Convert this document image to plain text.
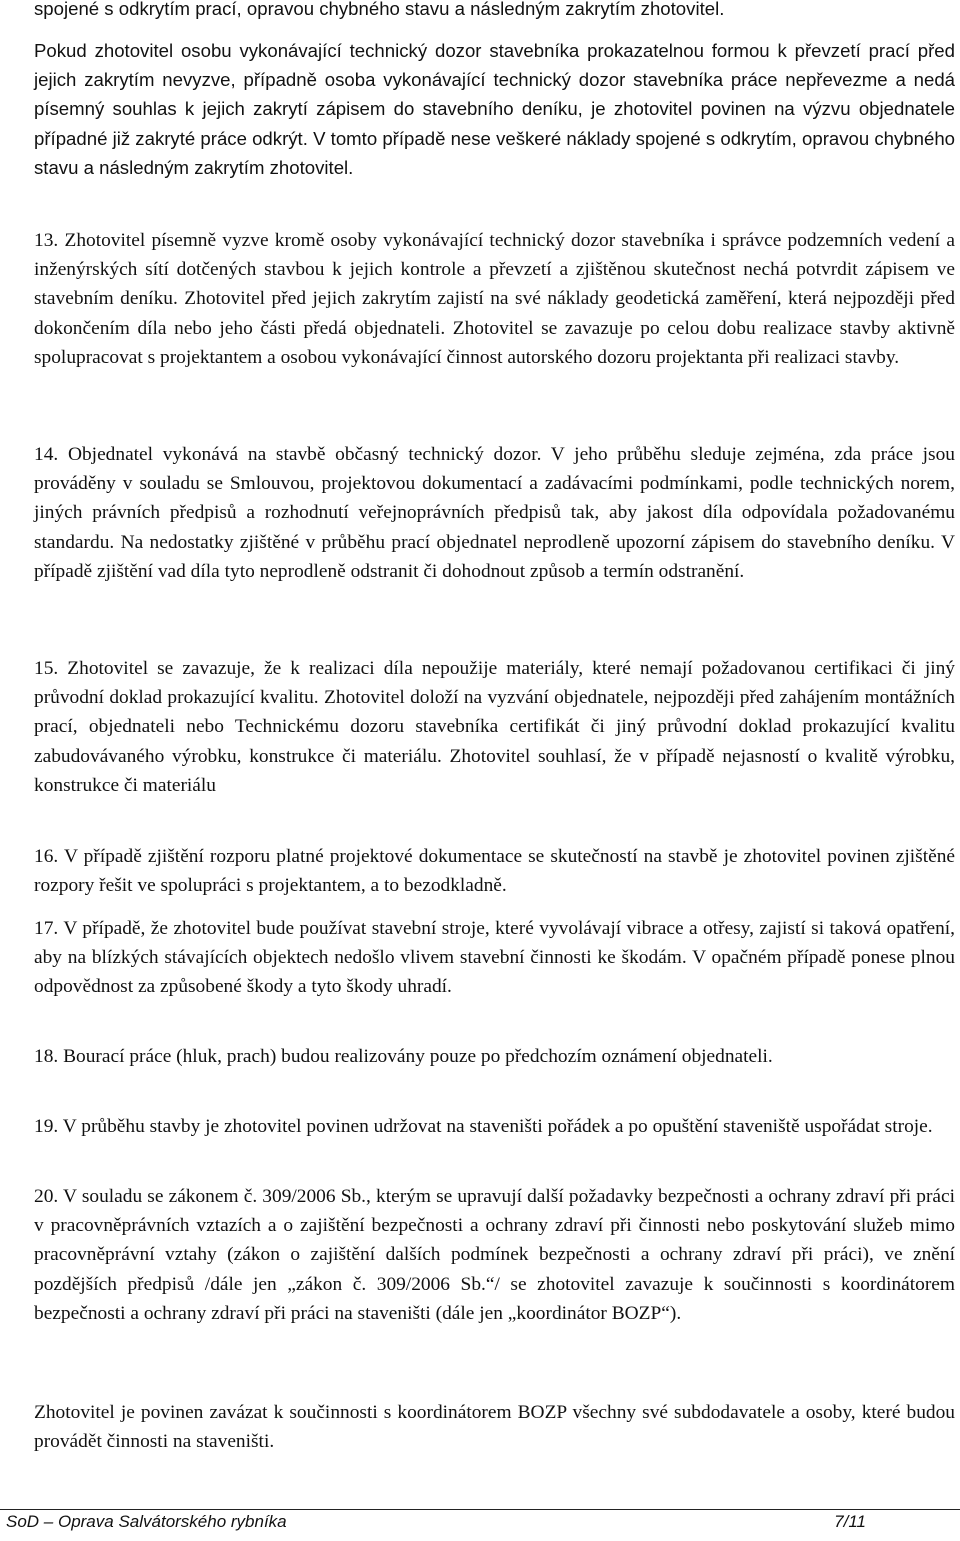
spojené s odkrytím prací, opravou chybného stavu a následným zakrytím zhotovitel.

Pokud zhotovitel osobu vykonávající technický dozor stavebníka prokazatelnou formou k převzetí prací před jejich zakrytím nevyzve, případně osoba vykonávající technický dozor stavebníka práce nepřevezme a nedá písemný souhlas k jejich zakrytí zápisem do stavebního deníku, je zhotovitel povinen na výzvu objednatele případné již zakryté práce odkrýt. V tomto případě nese veškeré náklady spojené s odkrytím, opravou chybného stavu a následným zakrytím zhotovitel.

13. Zhotovitel písemně vyzve kromě osoby vykonávající technický dozor stavebníka i správce podzemních vedení a inženýrských sítí dotčených stavbou k jejich kontrole a převzetí a zjištěnou skutečnost nechá potvrdit zápisem ve stavebním deníku. Zhotovitel před jejich zakrytím zajistí na své náklady geodetická zaměření, která nejpozději před dokončením díla nebo jeho části předá objednateli. Zhotovitel se zavazuje po celou dobu realizace stavby aktivně spolupracovat s projektantem a osobou vykonávající činnost autorského dozoru projektanta při realizaci stavby.

14. Objednatel vykonává na stavbě občasný technický dozor. V jeho průběhu sleduje zejména, zda práce jsou prováděny v souladu se Smlouvou, projektovou dokumentací a zadávacími podmínkami, podle technických norem, jiných právních předpisů a rozhodnutí veřejnoprávních předpisů tak, aby jakost díla odpovídala požadovanému standardu. Na nedostatky zjištěné v průběhu prací objednatel neprodleně upozorní zápisem do stavebního deníku. V případě zjištění vad díla tyto neprodleně odstranit či dohodnout způsob a termín odstranění.

15. Zhotovitel se zavazuje, že k realizaci díla nepoužije materiály, které nemají požadovanou certifikaci či jiný průvodní doklad prokazující kvalitu. Zhotovitel doloží na vyzvání objednatele, nejpozději před zahájením montážních prací, objednateli nebo Technickému dozoru stavebníka certifikát či jiný průvodní doklad prokazující kvalitu zabudovávaného výrobku, konstrukce či materiálu. Zhotovitel souhlasí, že v případě nejasností o kvalitě výrobku, konstrukce či materiálu

16. V případě zjištění rozporu platné projektové dokumentace se skutečností na stavbě je zhotovitel povinen zjištěné rozpory řešit ve spolupráci s projektantem, a to bezodkladně.

17. V případě, že zhotovitel bude používat stavební stroje, které vyvolávají vibrace a otřesy, zajistí si taková opatření, aby na blízkých stávajících objektech nedošlo vlivem stavební činnosti ke škodám. V opačném případě ponese plnou odpovědnost za způsobené škody a tyto škody uhradí.

18. Bourací práce (hluk, prach) budou realizovány pouze po předchozím oznámení objednateli.

19. V průběhu stavby je zhotovitel povinen udržovat na staveništi pořádek a po opuštění staveniště uspořádat stroje.

20. V souladu se zákonem č. 309/2006 Sb., kterým se upravují další požadavky bezpečnosti a ochrany zdraví při práci v pracovněprávních vztazích a o zajištění bezpečnosti a ochrany zdraví při činnosti nebo poskytování služeb mimo pracovněprávní vztahy (zákon o zajištění dalších podmínek bezpečnosti a ochrany zdraví při práci), ve znění pozdějších předpisů /dále jen „zákon č. 309/2006 Sb.“/ se zhotovitel zavazuje k součinnosti s koordinátorem bezpečnosti a ochrany zdraví při práci na staveništi (dále jen „koordinátor BOZP“).

Zhotovitel je povinen zavázat k součinnosti s koordinátorem BOZP všechny své subdodavatele a osoby, které budou provádět činnosti na staveništi.

SoD – Oprava Salvátorského rybníka	7/11
